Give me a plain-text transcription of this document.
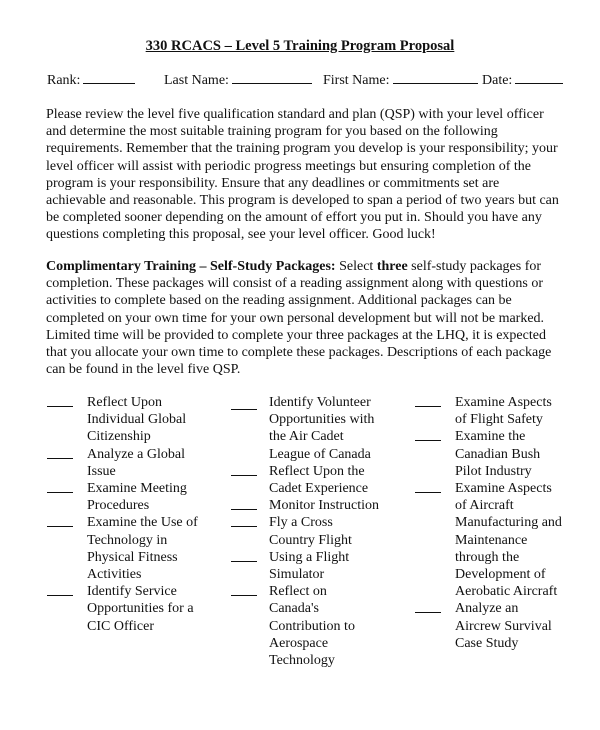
330 RCACS – Level 5 Training Program Proposal
Rank:	Last Name:	First Name:	Date:

Please review the level five qualification standard and plan (QSP) with your level officer and determine the most suitable training program for you based on the following requirements. Remember that the training program you develop is your responsibility; your level officer will assist with periodic progress meetings but ensuring completion of the program is your responsibility. Ensure that any deadlines or commitments set are achievable and reasonable. This program is developed to span a period of two years but can be completed sooner depending on the amount of effort you put in. Should you have any questions completing this proposal, see your level officer. Good luck!

Complimentary Training – Self-Study Packages: Select three self-study packages for completion. These packages will consist of a reading assignment along with questions or activities to complete based on the reading assignment. Additional packages can be completed on your own time for your own personal development but will not be marked. Limited time will be provided to complete your three packages at the LHQ, it is expected that you allocate your own time to complete these packages. Descriptions of each package can be found in the level five QSP.

Reflect Upon
Individual Global
Citizenship
Analyze a Global
Issue
Examine Meeting
Procedures
Examine the Use of
Technology in
Physical Fitness
Activities
Identify Service
Opportunities for a
CIC Officer
Identify Volunteer
Opportunities with
the Air Cadet
League of Canada
Reflect Upon the
Cadet Experience
Monitor Instruction
Fly a Cross
Country Flight
Using a Flight
Simulator
Reflect on
Canada's
Contribution to
Aerospace
Technology
Examine Aspects
of Flight Safety
Examine the
Canadian Bush
Pilot Industry
Examine Aspects
of Aircraft
Manufacturing and
Maintenance
through the
Development of
Aerobatic Aircraft
Analyze an
Aircrew Survival
Case Study
